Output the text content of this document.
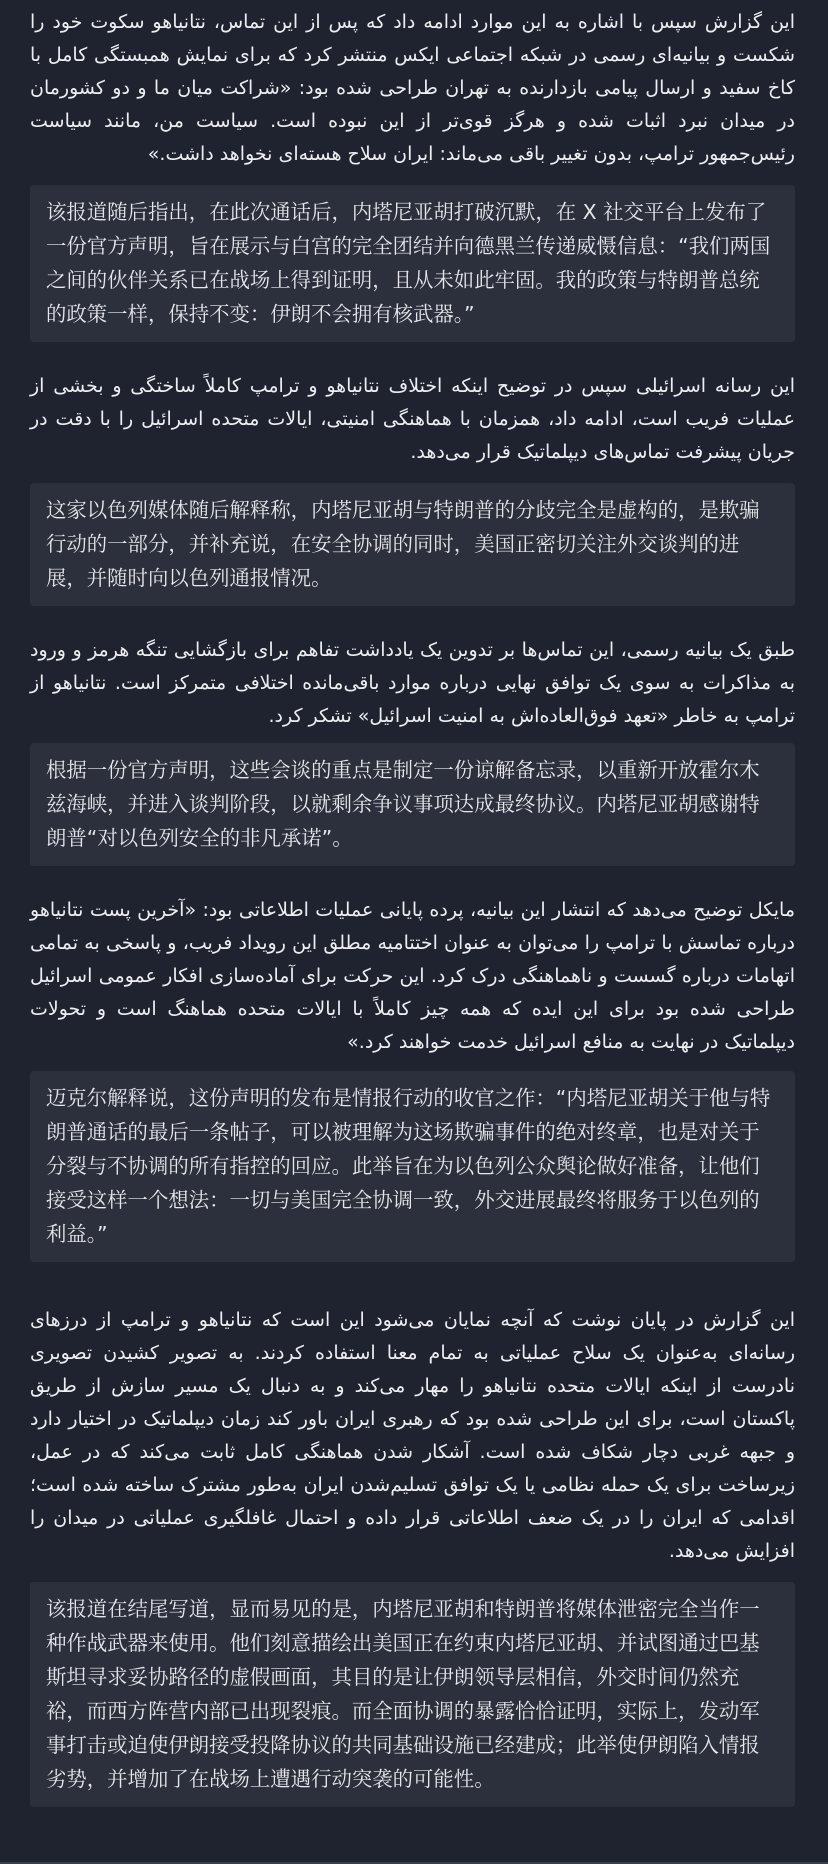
این گزارش سپس با اشاره به این موارد ادامه داد که پس از این تماس، نتانیاهو سکوت خود را شکست و بیانیه‌ای رسمی در شبکه اجتماعی ایکس منتشر کرد که برای نمایش همبستگی کامل با کاخ سفید و ارسال پیامی بازدارنده به تهران طراحی شده بود: «شراکت میان ما و دو کشورمان در میدان نبرد اثبات شده و هرگز قوی‌تر از این نبوده است. سیاست من، مانند سیاست رئیس‌جمهور ترامپ، بدون تغییر باقی می‌ماند: ایران سلاح هسته‌ای نخواهد داشت.»

该报道随后指出，在此次通话后，内塔尼亚胡打破沉默，在 X 社交平台上发布了一份官方声明，旨在展示与白宫的完全团结并向德黑兰传递威慑信息：“我们两国之间的伙伴关系已在战场上得到证明，且从未如此牢固。我的政策与特朗普总统的政策一样，保持不变：伊朗不会拥有核武器。”

این رسانه اسرائیلی سپس در توضیح اینکه اختلاف نتانیاهو و ترامپ کاملاً ساختگی و بخشی از عملیات فریب است، ادامه داد، همزمان با هماهنگی امنیتی، ایالات متحده اسرائیل را با دقت در جریان پیشرفت تماس‌های دیپلماتیک قرار می‌دهد.

这家以色列媒体随后解释称，内塔尼亚胡与特朗普的分歧完全是虚构的，是欺骗行动的一部分，并补充说，在安全协调的同时，美国正密切关注外交谈判的进展，并随时向以色列通报情况。

طبق یک بیانیه رسمی، این تماس‌ها بر تدوین یک یادداشت تفاهم برای بازگشایی تنگه هرمز و ورود به مذاکرات به سوی یک توافق نهایی درباره موارد باقی‌مانده اختلافی متمرکز است. نتانیاهو از ترامپ به خاطر «تعهد فوق‌العاده‌اش به امنیت اسرائیل» تشکر کرد.

根据一份官方声明，这些会谈的重点是制定一份谅解备忘录，以重新开放霍尔木兹海峡，并进入谈判阶段，以就剩余争议事项达成最终协议。内塔尼亚胡感谢特朗普“对以色列安全的非凡承诺”。

مایکل توضیح می‌دهد که انتشار این بیانیه، پرده پایانی عملیات اطلاعاتی بود: «آخرین پست نتانیاهو درباره تماسش با ترامپ را می‌توان به عنوان اختتامیه مطلق این رویداد فریب، و پاسخی به تمامی اتهامات درباره گسست و ناهماهنگی درک کرد. این حرکت برای آماده‌سازی افکار عمومی اسرائیل طراحی شده بود برای این ایده که همه چیز کاملاً با ایالات متحده هماهنگ است و تحولات دیپلماتیک در نهایت به منافع اسرائیل خدمت خواهند کرد.»

迈克尔解释说，这份声明的发布是情报行动的收官之作：“内塔尼亚胡关于他与特朗普通话的最后一条帖子，可以被理解为这场欺骗事件的绝对终章，也是对关于分裂与不协调的所有指控的回应。此举旨在为以色列公众舆论做好准备，让他们接受这样一个想法：一切与美国完全协调一致，外交进展最终将服务于以色列的利益。”

این گزارش در پایان نوشت که آنچه نمایان می‌شود این است که نتانیاهو و ترامپ از درزهای رسانه‌ای به‌عنوان یک سلاح عملیاتی به تمام معنا استفاده کردند. به تصویر کشیدن تصویری نادرست از اینکه ایالات متحده نتانیاهو را مهار می‌کند و به دنبال یک مسیر سازش از طریق پاکستان است، برای این طراحی شده بود که رهبری ایران باور کند زمان دیپلماتیک در اختیار دارد و جبهه غربی دچار شکاف شده است. آشکار شدن هماهنگی کامل ثابت می‌کند که در عمل، زیرساخت برای یک حمله نظامی یا یک توافق تسلیم‌شدن ایران به‌طور مشترک ساخته شده است؛ اقدامی که ایران را در یک ضعف اطلاعاتی قرار داده و احتمال غافلگیری عملیاتی در میدان را افزایش می‌دهد.

该报道在结尾写道，显而易见的是，内塔尼亚胡和特朗普将媒体泄密完全当作一种作战武器来使用。他们刻意描绘出美国正在约束内塔尼亚胡、并试图通过巴基斯坦寻求妥协路径的虚假画面，其目的是让伊朗领导层相信，外交时间仍然充裕，而西方阵营内部已出现裂痕。而全面协调的暴露恰恰证明，实际上，发动军事打击或迫使伊朗接受投降协议的共同基础设施已经建成；此举使伊朗陷入情报劣势，并增加了在战场上遭遇行动突袭的可能性。
